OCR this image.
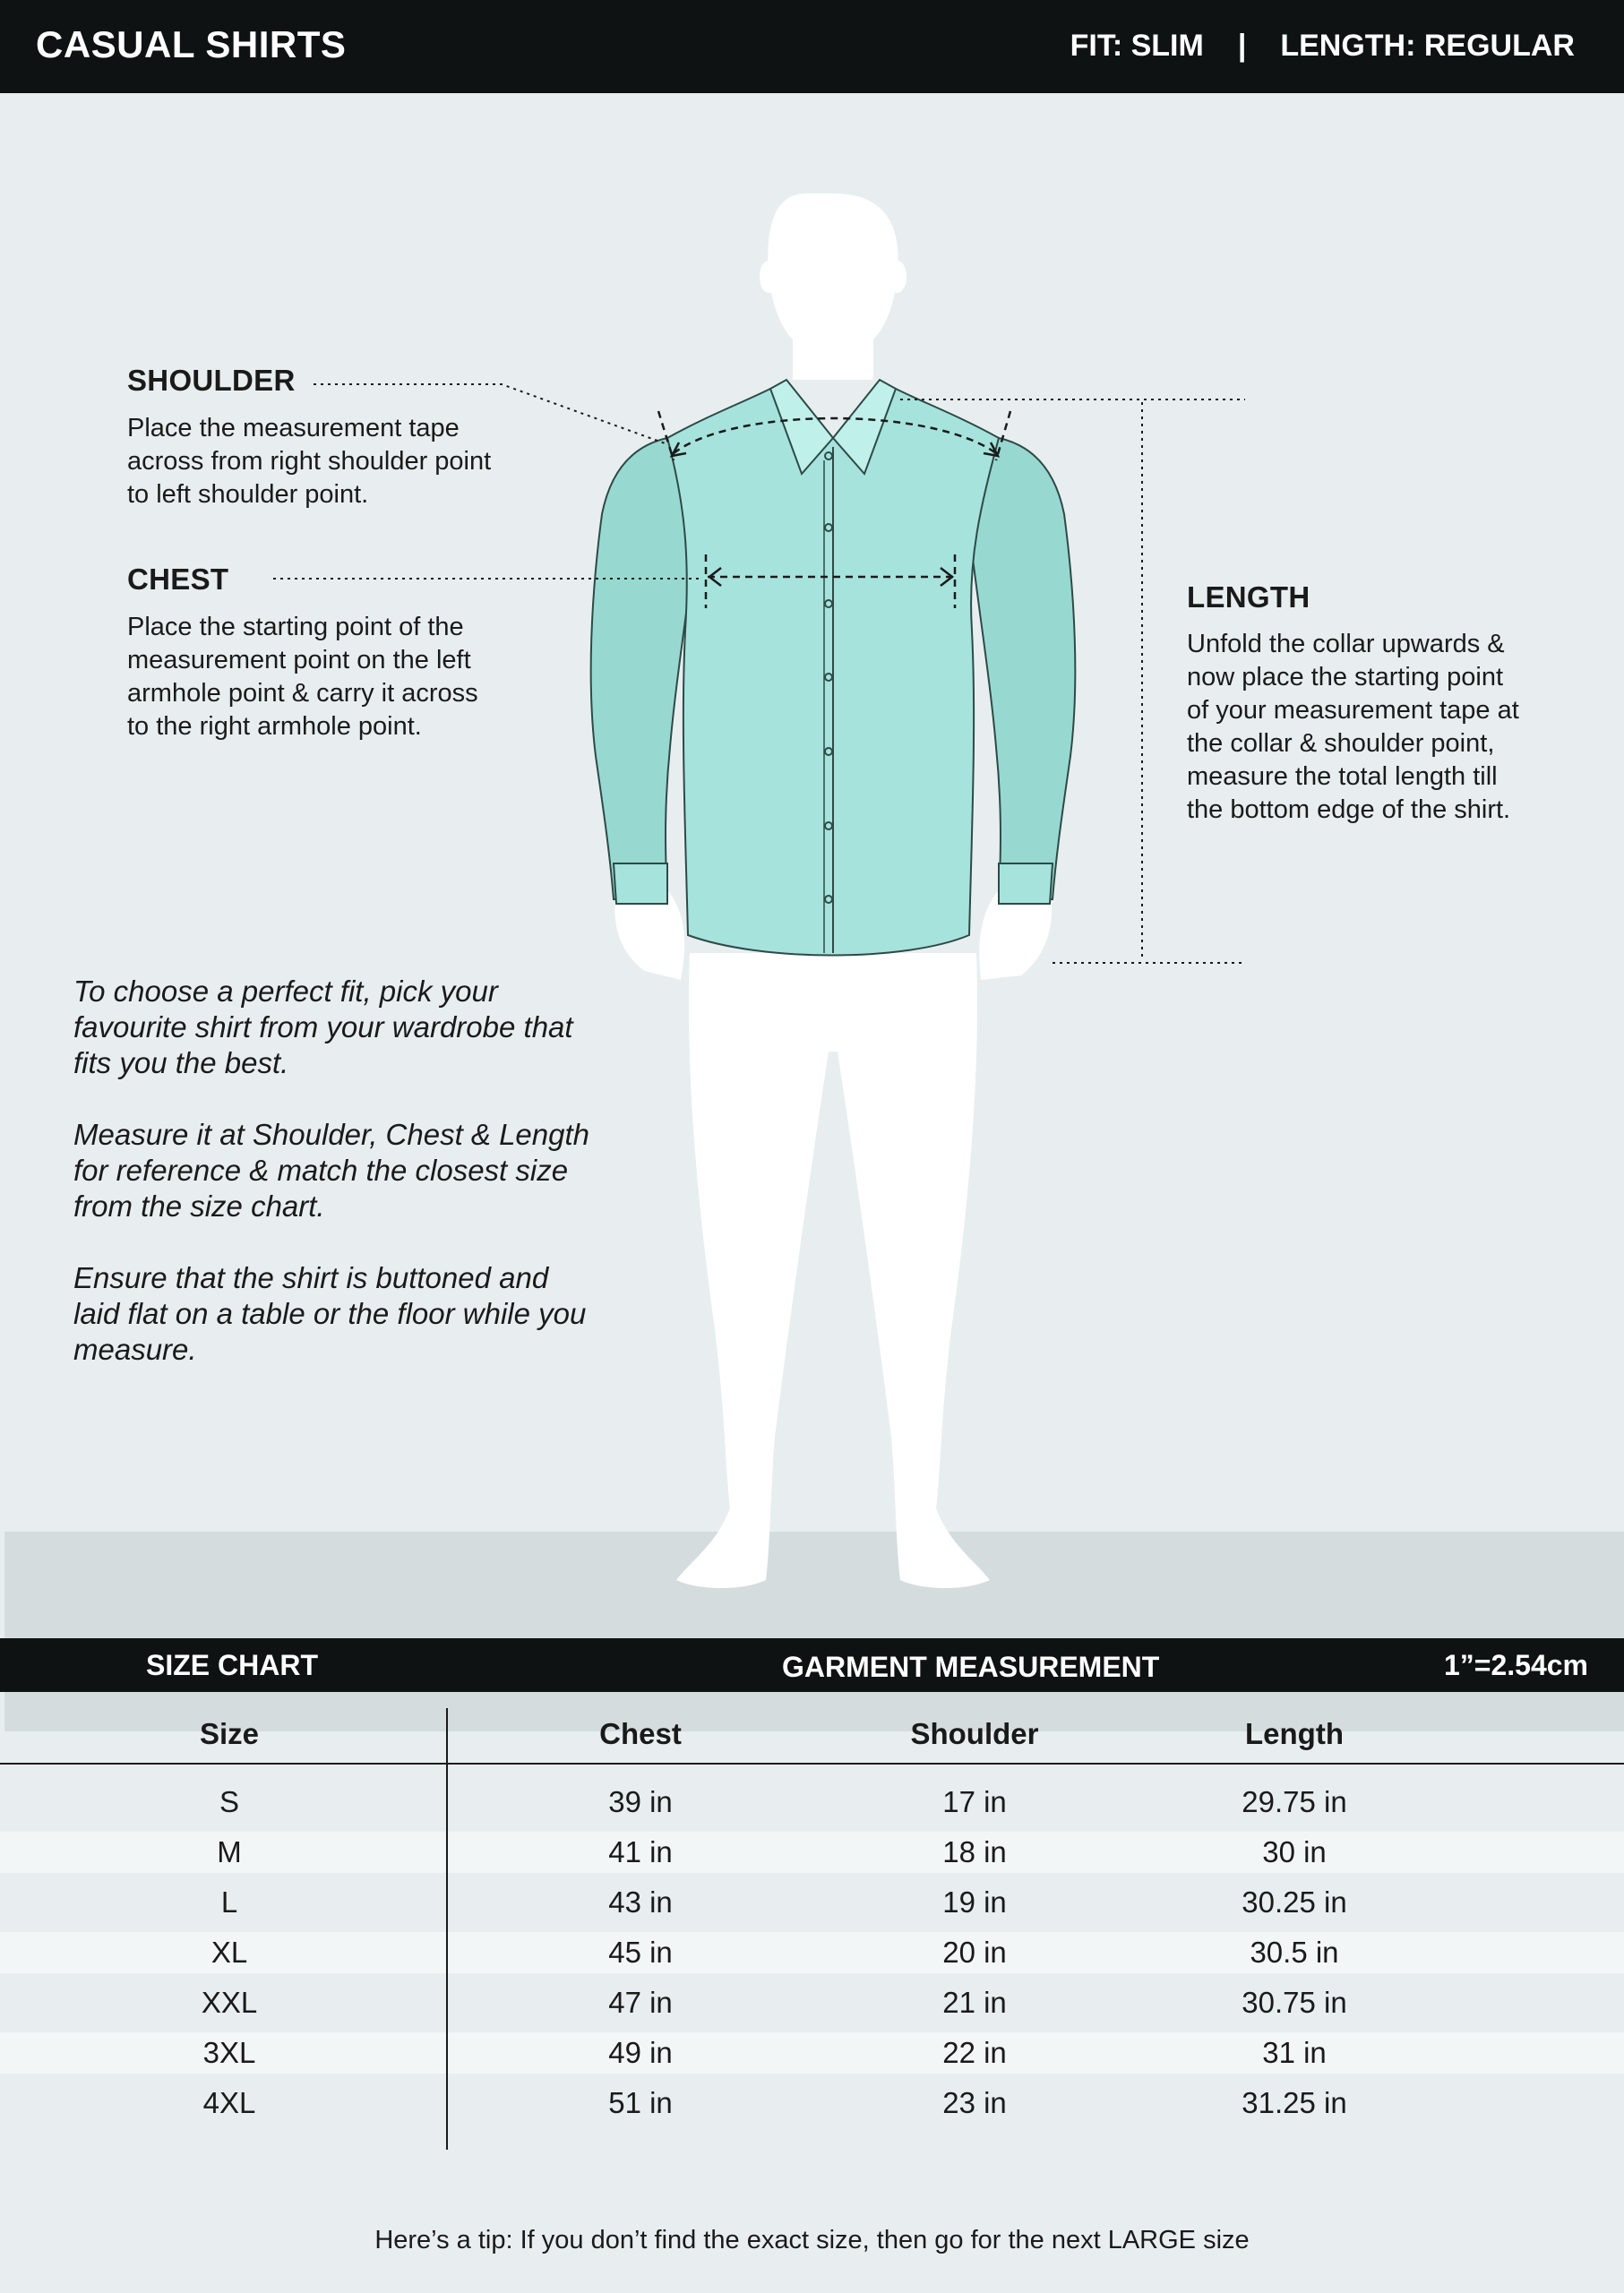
CASUAL SHIRTS	FIT: SLIM | LENGTH: REGULAR
SHOULDER
Place the measurement tape
across from right shoulder point
to left shoulder point.
CHEST
Place the starting point of the
measurement point on the left
armhole point & carry it across
to the right armhole point.
LENGTH
Unfold the collar upwards &
now place the starting point
of your measurement tape at
the collar & shoulder point,
measure the total length till
the bottom edge of the shirt.
To choose a perfect fit, pick your
favourite shirt from your wardrobe that
fits you the best.
Measure it at Shoulder, Chest & Length
for reference & match the closest size
from the size chart.
Ensure that the shirt is buttoned and
laid flat on a table or the floor while you
measure.
SIZE CHART	GARMENT MEASUREMENT	1”=2.54cm
Size	Chest	Shoulder	Length
S	39 in	17 in	29.75 in
M	41 in	18 in	30 in
L	43 in	19 in	30.25 in
XL	45 in	20 in	30.5 in
XXL	47 in	21 in	30.75 in
3XL	49 in	22 in	31 in
4XL	51 in	23 in	31.25 in
Here’s a tip: If you don’t find the exact size, then go for the next LARGE size
